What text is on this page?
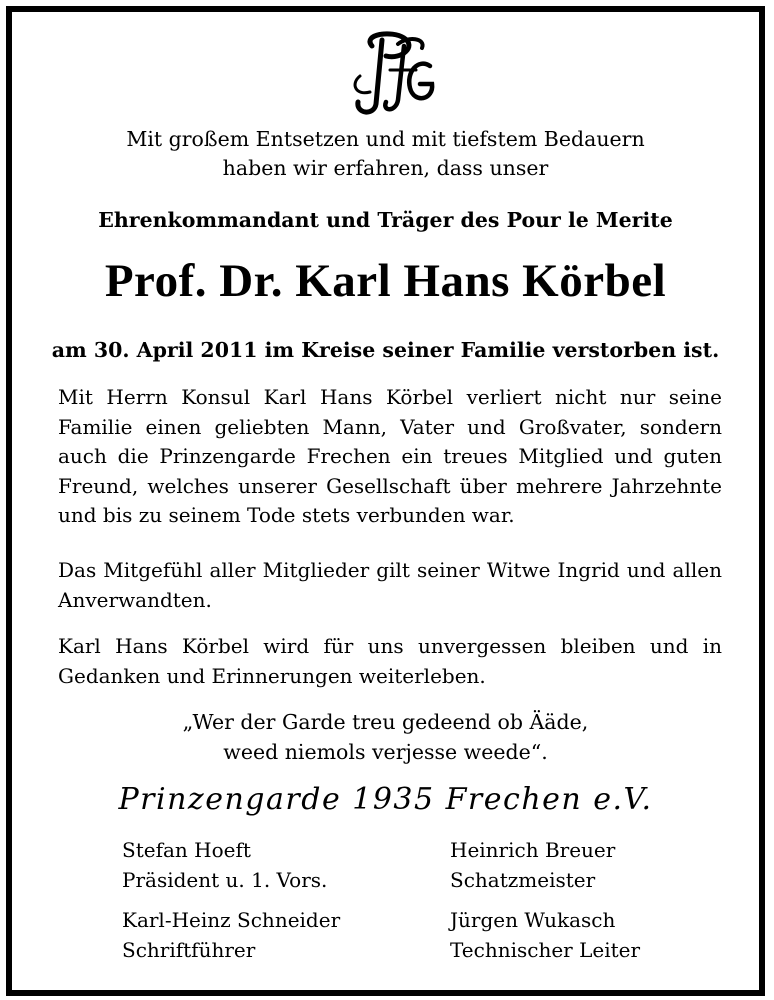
Mit großem Entsetzen und mit tiefstem Bedauern
haben wir erfahren, dass unser
Ehrenkommandant und Träger des Pour le Merite
Prof. Dr. Karl Hans Körbel
am 30. April 2011 im Kreise seiner Familie verstorben ist.

Mit Herrn Konsul Karl Hans Körbel verliert nicht nur seine Familie einen geliebten Mann, Vater und Großvater, sondern auch die Prinzengarde Frechen ein treues Mitglied und guten Freund, welches unserer Gesellschaft über mehrere Jahrzehnte und bis zu seinem Tode stets verbunden war.

Das Mitgefühl aller Mitglieder gilt seiner Witwe Ingrid und allen Anverwandten.

Karl Hans Körbel wird für uns unvergessen bleiben und in Gedanken und Erinnerungen weiterleben.

„Wer der Garde treu gedeend ob Ääde,
weed niemols verjesse weede“.
Prinzengarde 1935 Frechen e.V.
Stefan Hoeft
Präsident u. 1. Vors.
Heinrich Breuer
Schatzmeister
Karl-Heinz Schneider
Schriftführer
Jürgen Wukasch
Technischer Leiter
